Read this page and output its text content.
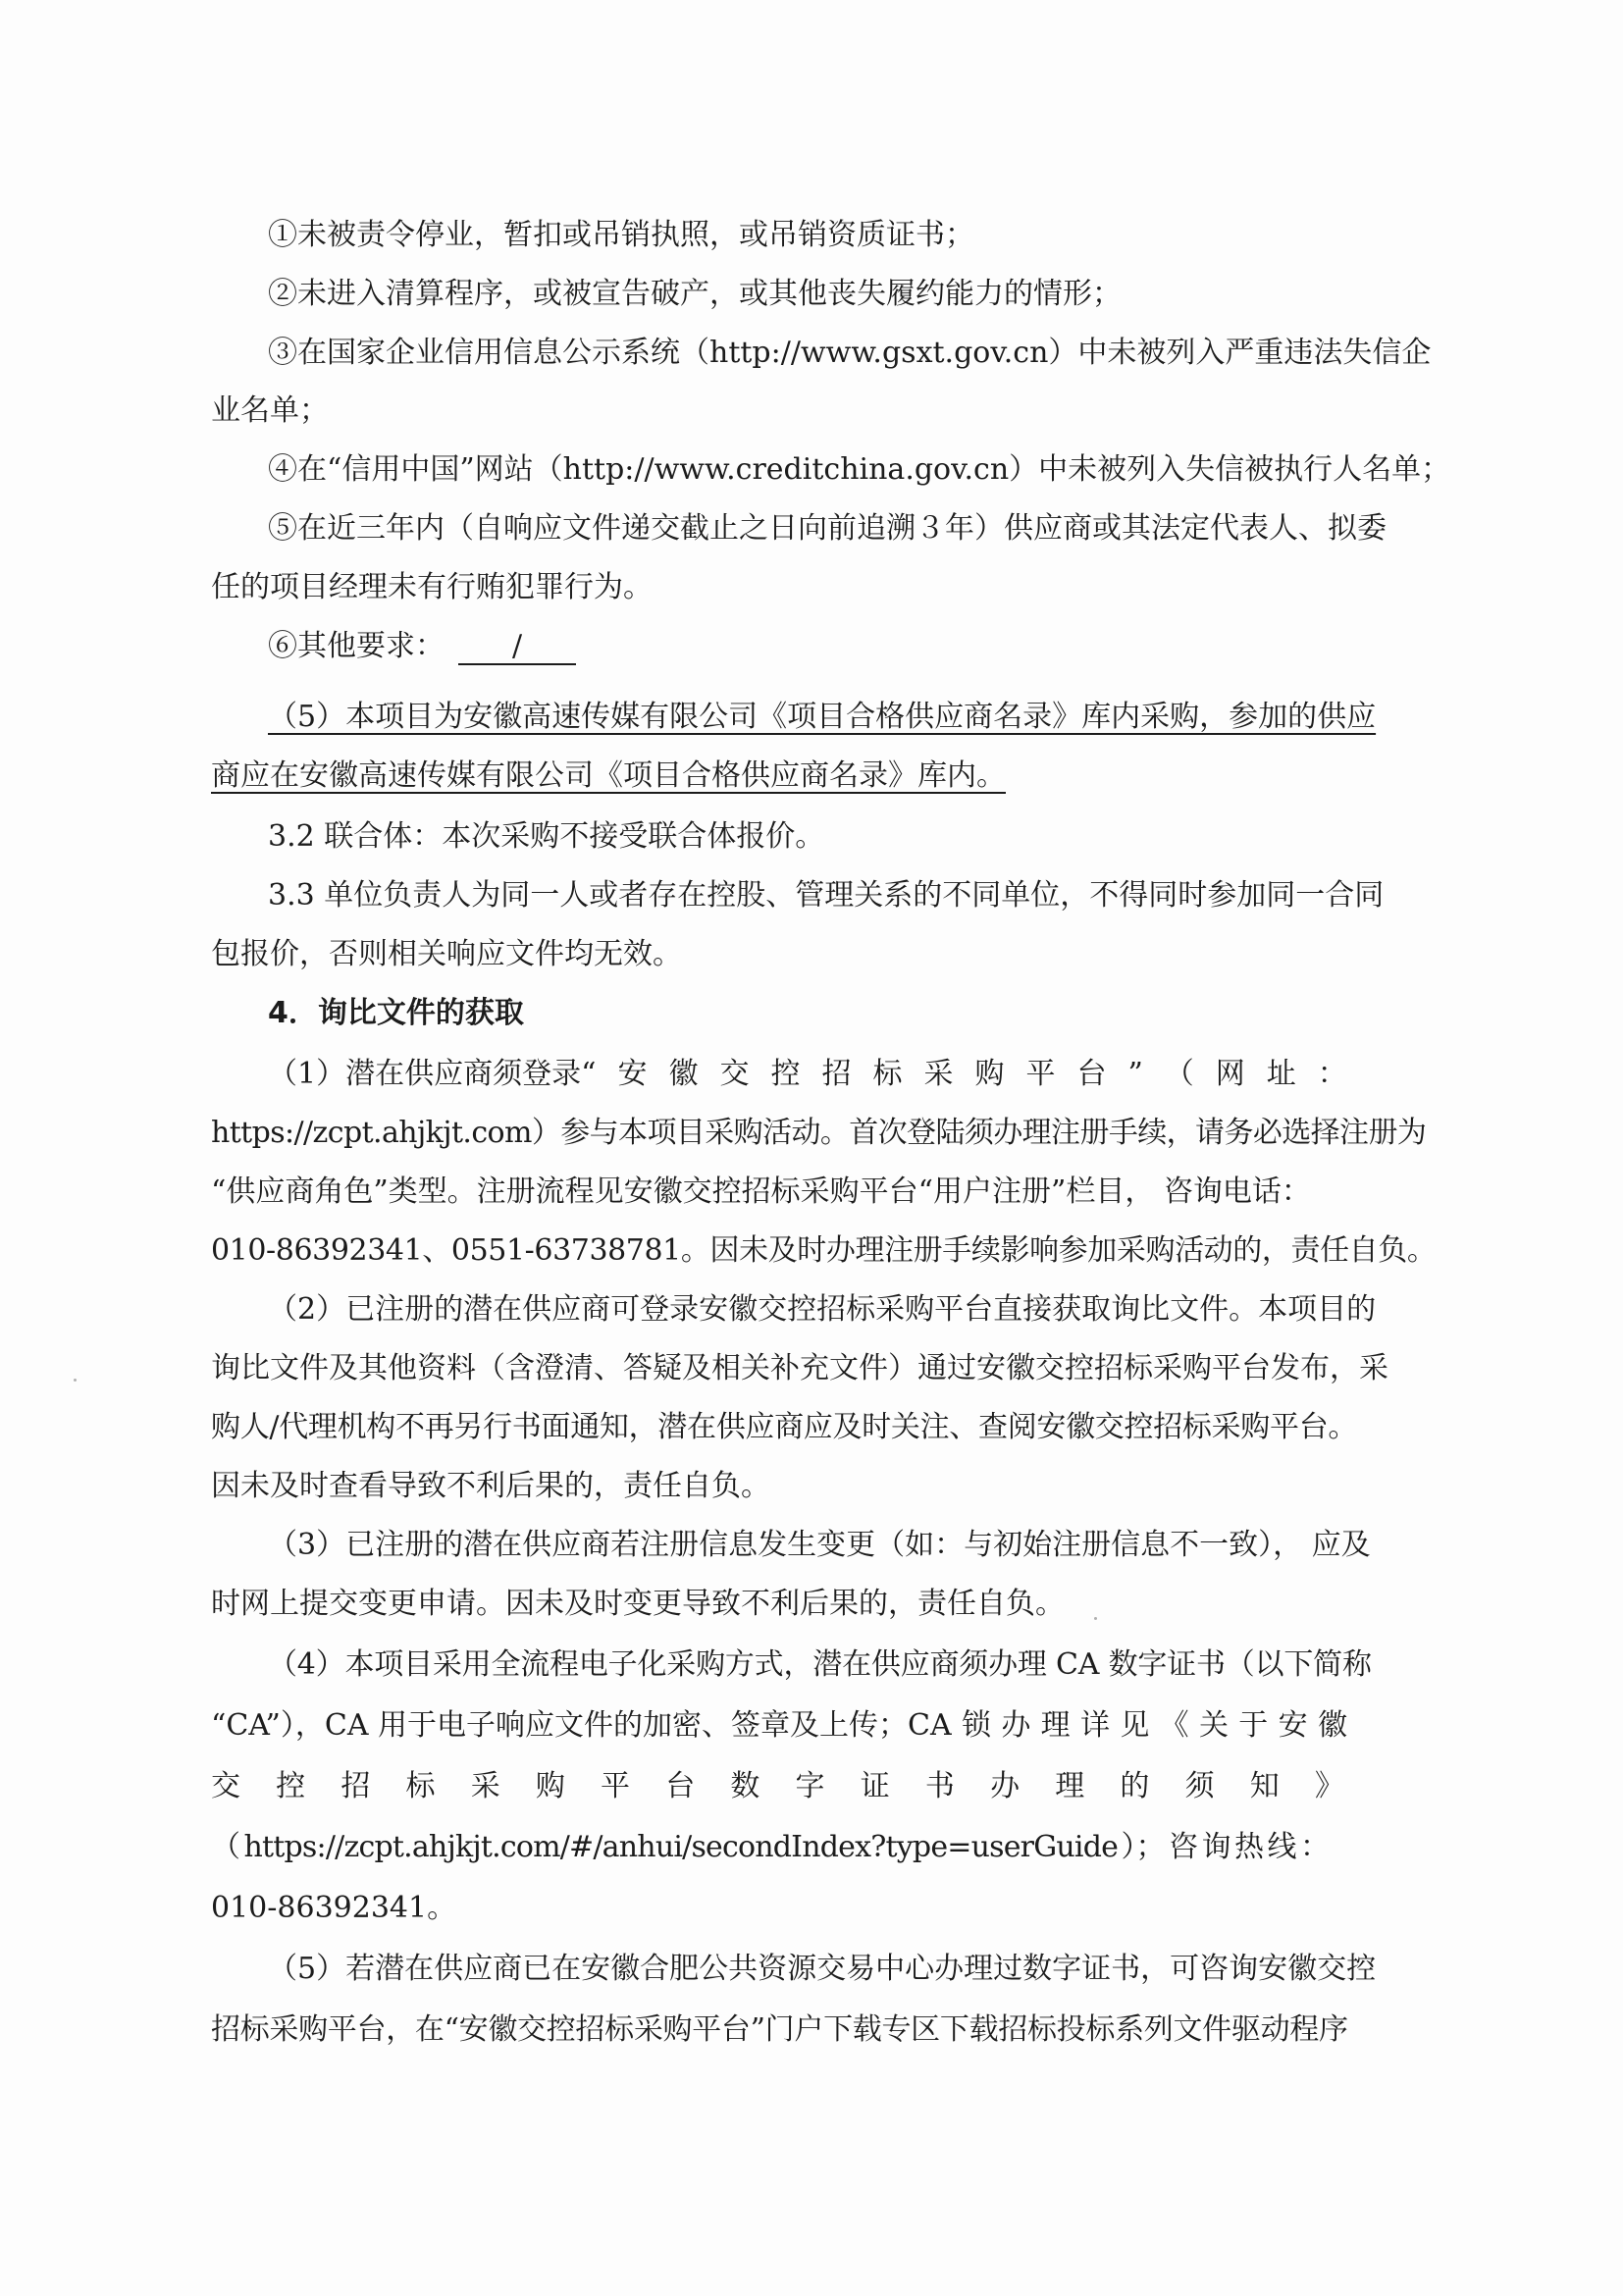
①未被责令停业，暂扣或吊销执照，或吊销资质证书；
②未进入清算程序，或被宣告破产，或其他丧失履约能力的情形；
③在国家企业信用信息公示系统（http://www.gsxt.gov.cn）中未被列入严重违法失信企
业名单；
④在“信用中国”网站（http://www.creditchina.gov.cn）中未被列入失信被执行人名单；
⑤在近三年内（自响应文件递交截止之日向前追溯３年）供应商或其法定代表人、拟委
任的项目经理未有行贿犯罪行为。
⑥其他要求： /
（5）本项目为安徽高速传媒有限公司《项目合格供应商名录》库内采购，参加的供应
商应在安徽高速传媒有限公司《项目合格供应商名录》库内。
3.2 联合体：本次采购不接受联合体报价。
3.3 单位负责人为同一人或者存在控股、管理关系的不同单位，不得同时参加同一合同
包报价，否则相关响应文件均无效。
4．询比文件的获取
（1）潜在供应商须登录“ 安 徽 交 控 招 标 采 购 平 台 ” （ 网 址 ：
https://zcpt.ahjkjt.com）参与本项目采购活动。首次登陆须办理注册手续，请务必选择注册为
“供应商角色”类型。注册流程见安徽交控招标采购平台“用户注册”栏目， 咨询电话：
010-86392341、0551-63738781。因未及时办理注册手续影响参加采购活动的，责任自负。
（2）已注册的潜在供应商可登录安徽交控招标采购平台直接获取询比文件。本项目的
询比文件及其他资料（含澄清、答疑及相关补充文件）通过安徽交控招标采购平台发布，采
购人/代理机构不再另行书面通知，潜在供应商应及时关注、查阅安徽交控招标采购平台。
因未及时查看导致不利后果的，责任自负。
（3）已注册的潜在供应商若注册信息发生变更（如：与初始注册信息不一致）， 应及
时网上提交变更申请。因未及时变更导致不利后果的，责任自负。
（4）本项目采用全流程电子化采购方式，潜在供应商须办理 CA 数字证书（以下简称
“CA”），CA 用于电子响应文件的加密、签章及上传；CA 锁 办 理 详 见 《 关 于 安 徽
交 控 招 标 采 购 平 台 数 字 证 书 办 理 的 须 知 》
（ https://zcpt.ahjkjt.com/#/anhui/secondIndex?type=userGuide ）； 咨 询 热 线 ：
010-86392341。
（5）若潜在供应商已在安徽合肥公共资源交易中心办理过数字证书，可咨询安徽交控
招标采购平台，在“安徽交控招标采购平台”门户下载专区下载招标投标系列文件驱动程序
